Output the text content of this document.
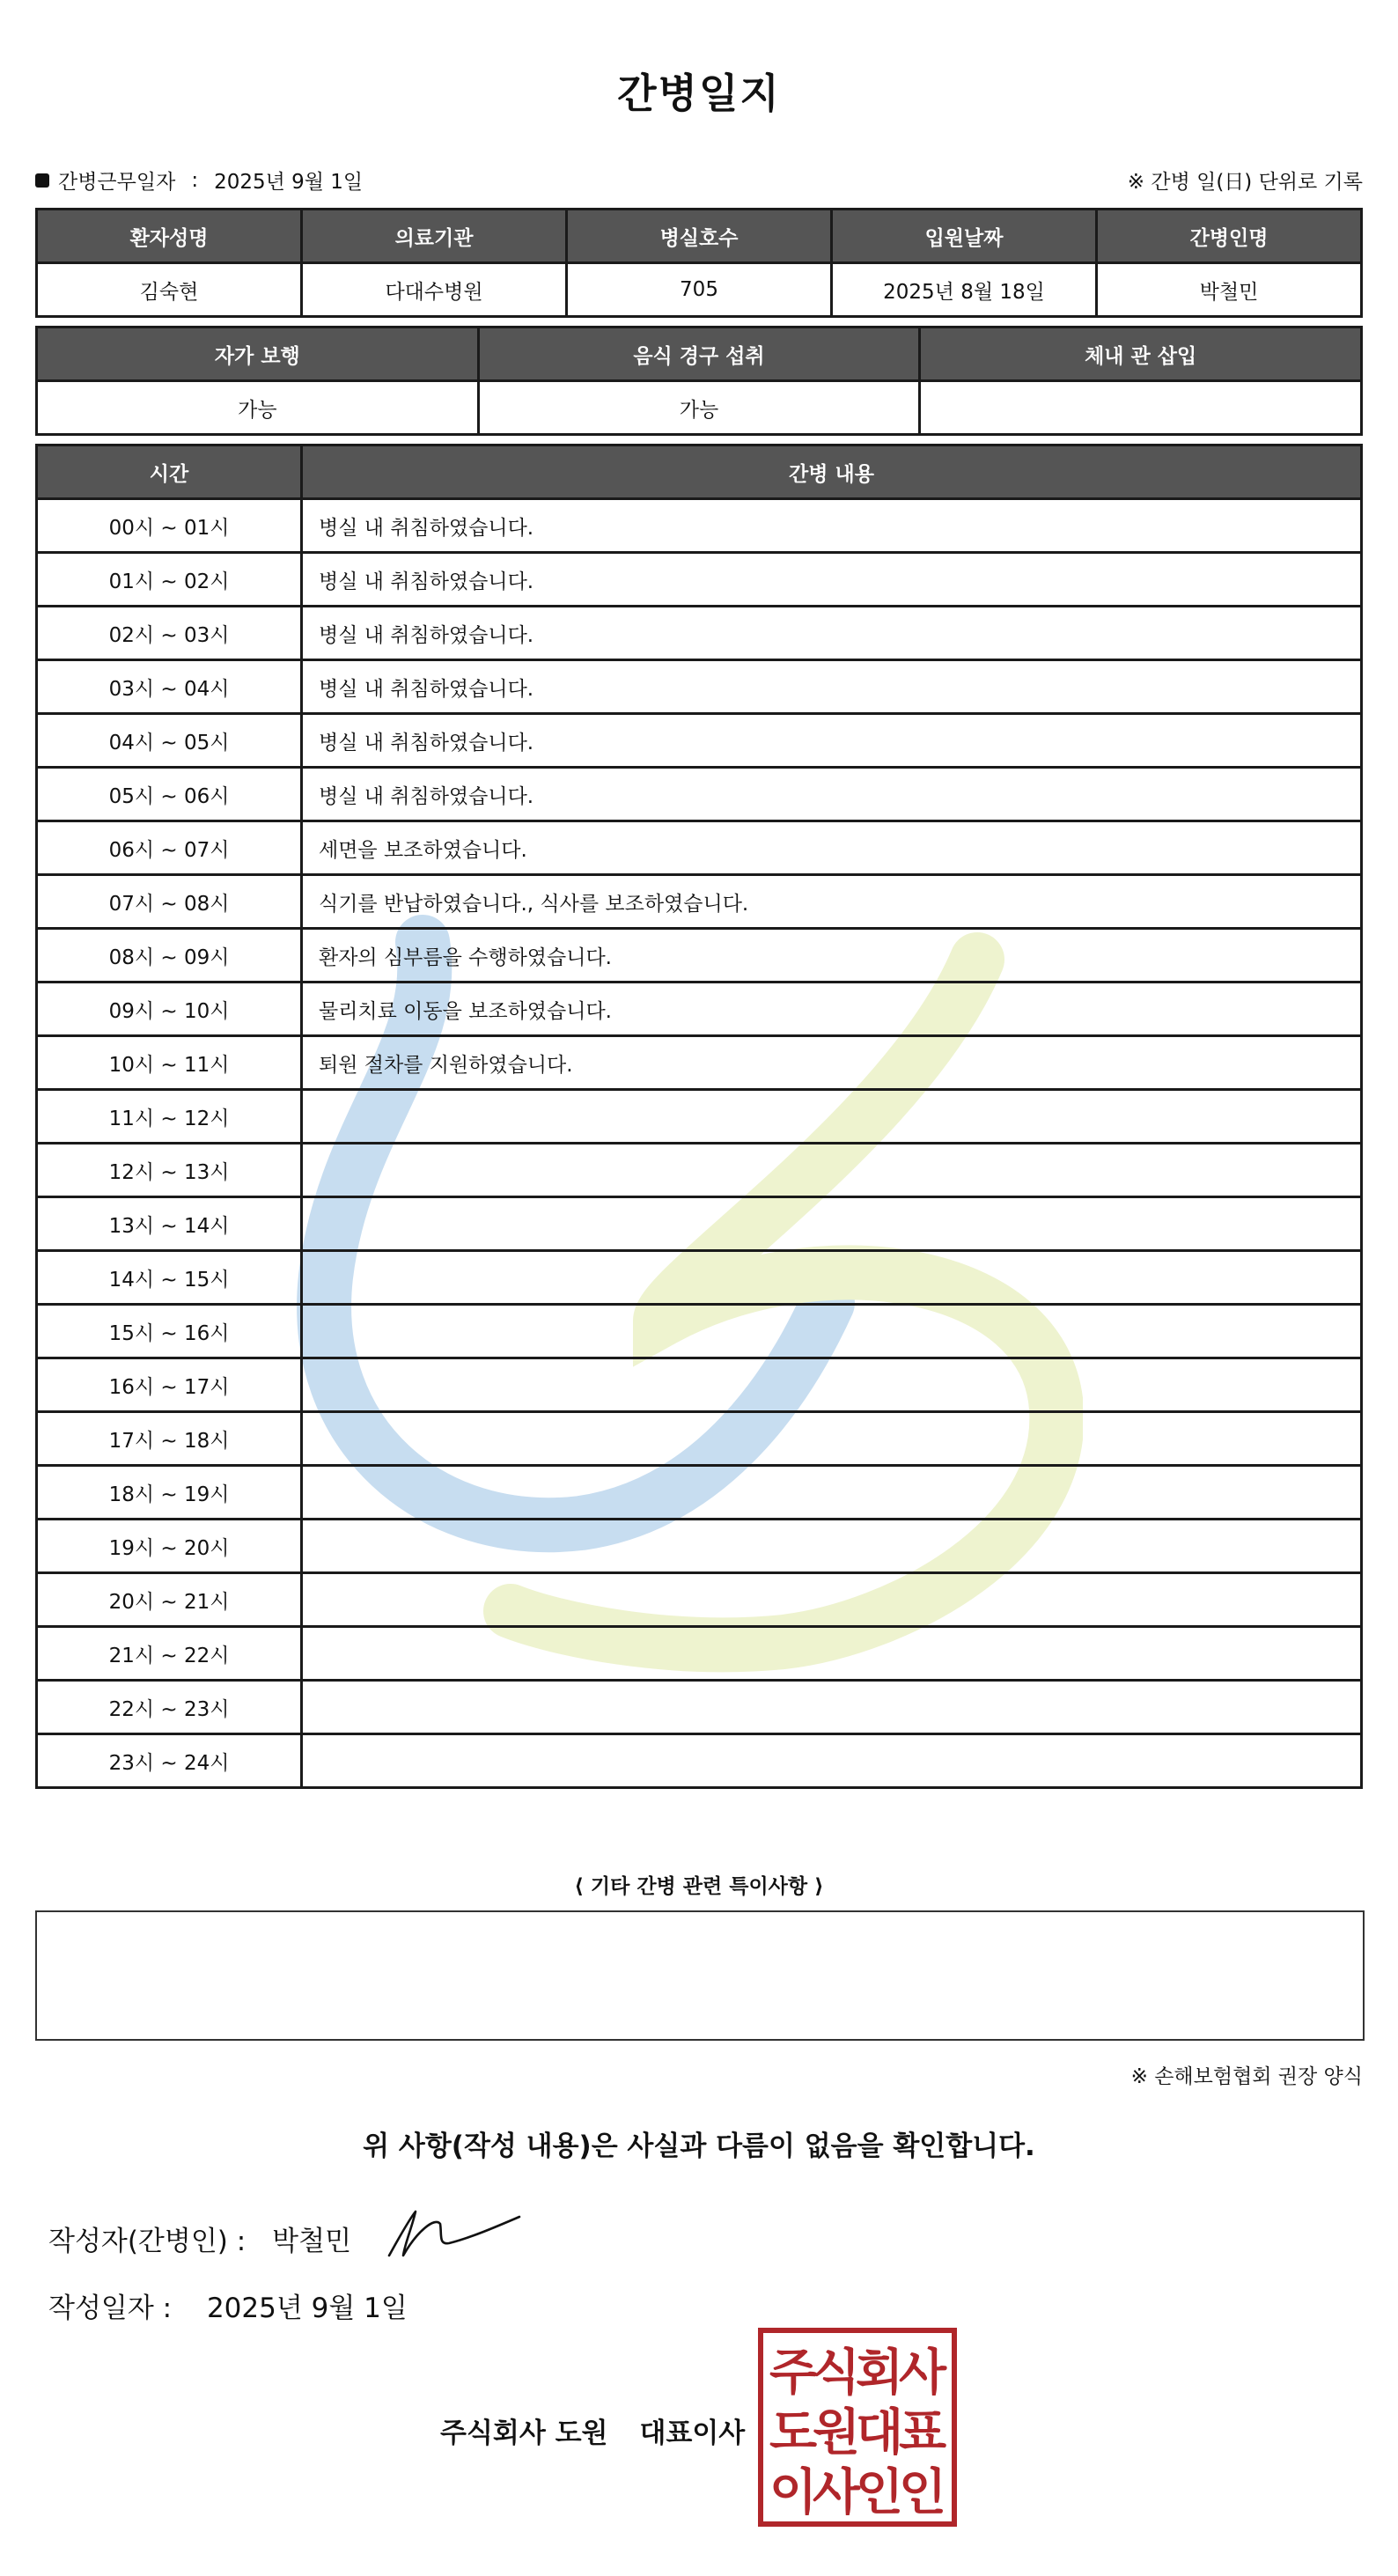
간병일지
간병근무일자 : 2025년 9월 1일	※ 간병 일(日) 단위로 기록
환자성명	의료기관	병실호수	입원날짜	간병인명
김숙현	다대수병원	705	2025년 8월 18일	박철민
자가 보행	음식 경구 섭취	체내 관 삽입
가능	가능	
시간	간병 내용
00시 ~ 01시	병실 내 취침하였습니다.
01시 ~ 02시	병실 내 취침하였습니다.
02시 ~ 03시	병실 내 취침하였습니다.
03시 ~ 04시	병실 내 취침하였습니다.
04시 ~ 05시	병실 내 취침하였습니다.
05시 ~ 06시	병실 내 취침하였습니다.
06시 ~ 07시	세면을 보조하였습니다.
07시 ~ 08시	식기를 반납하였습니다., 식사를 보조하였습니다.
08시 ~ 09시	환자의 심부름을 수행하였습니다.
09시 ~ 10시	물리치료 이동을 보조하였습니다.
10시 ~ 11시	퇴원 절차를 지원하였습니다.
11시 ~ 12시	
12시 ~ 13시	
13시 ~ 14시	
14시 ~ 15시	
15시 ~ 16시	
16시 ~ 17시	
17시 ~ 18시	
18시 ~ 19시	
19시 ~ 20시	
20시 ~ 21시	
21시 ~ 22시	
22시 ~ 23시	
23시 ~ 24시	
⟨ 기타 간병 관련 특이사항 ⟩
※ 손해보험협회 권장 양식
위 사항(작성 내용)은 사실과 다름이 없음을 확인합니다.
작성자(간병인) : 박철민
작성일자 : 2025년 9월 1일
주식회사 도원 대표이사
주
식
회
사
도
원
대
표
이
사
인
인
